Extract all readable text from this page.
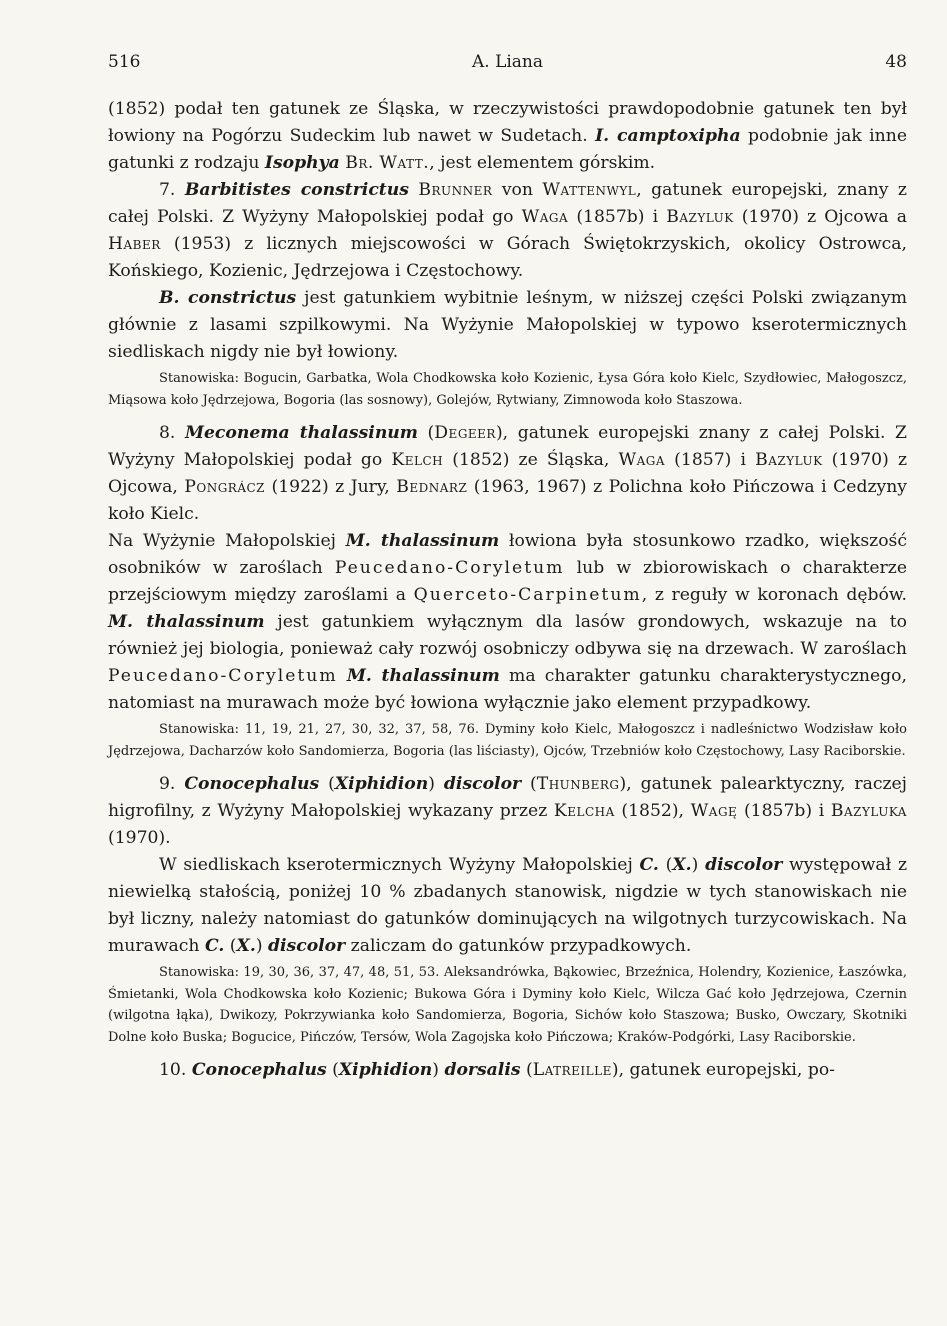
516	A. Liana	48

(1852) podał ten gatunek ze Śląska, w rzeczywistości prawdopodobnie gatunek ten był łowiony na Pogórzu Sudeckim lub nawet w Sudetach. I. camptoxipha podobnie jak inne gatunki z rodzaju Isophya Br. Watt., jest elementem górskim.

7. Barbitistes constrictus Brunner von Wattenwyl, gatunek europejski, znany z całej Polski. Z Wyżyny Małopolskiej podał go Waga (1857b) i Bazyluk (1970) z Ojcowa a Haber (1953) z licznych miejscowości w Górach Świętokrzyskich, okolicy Ostrowca, Końskiego, Kozienic, Jędrzejowa i Częstochowy.

B. constrictus jest gatunkiem wybitnie leśnym, w niższej części Polski związanym głównie z lasami szpilkowymi. Na Wyżynie Małopolskiej w typowo kserotermicznych siedliskach nigdy nie był łowiony.

Stanowiska: Bogucin, Garbatka, Wola Chodkowska koło Kozienic, Łysa Góra koło Kielc, Szydłowiec, Małogoszcz, Miąsowa koło Jędrzejowa, Bogoria (las sosnowy), Golejów, Rytwiany, Zimnowoda koło Staszowa.

8. Meconema thalassinum (Degeer), gatunek europejski znany z całej Polski. Z Wyżyny Małopolskiej podał go Kelch (1852) ze Śląska, Waga (1857) i Bazyluk (1970) z Ojcowa, Pongrácz (1922) z Jury, Bednarz (1963, 1967) z Polichna koło Pińczowa i Cedzyny koło Kielc.

Na Wyżynie Małopolskiej M. thalassinum łowiona była stosunkowo rzadko, większość osobników w zaroślach Peucedano-Coryletum lub w zbiorowiskach o charakterze przejściowym między zaroślami a Querceto-Carpinetum, z reguły w koronach dębów. M. thalassinum jest gatunkiem wyłącznym dla lasów grondowych, wskazuje na to również jej biologia, ponieważ cały rozwój osobniczy odbywa się na drzewach. W zaroślach Peucedano-Coryletum M. thalassinum ma charakter gatunku charakterystycznego, natomiast na murawach może być łowiona wyłącznie jako element przypadkowy.

Stanowiska: 11, 19, 21, 27, 30, 32, 37, 58, 76. Dyminy koło Kielc, Małogoszcz i nadleśnictwo Wodzisław koło Jędrzejowa, Dacharzów koło Sandomierza, Bogoria (las liściasty), Ojców, Trzebniów koło Częstochowy, Lasy Raciborskie.

9. Conocephalus (Xiphidion) discolor (Thunberg), gatunek palearktyczny, raczej higrofilny, z Wyżyny Małopolskiej wykazany przez Kelcha (1852), Wagę (1857b) i Bazyluka (1970).

W siedliskach kserotermicznych Wyżyny Małopolskiej C. (X.) discolor występował z niewielką stałością, poniżej 10 % zbadanych stanowisk, nigdzie w tych stanowiskach nie był liczny, należy natomiast do gatunków dominujących na wilgotnych turzycowiskach. Na murawach C. (X.) discolor zaliczam do gatunków przypadkowych.

Stanowiska: 19, 30, 36, 37, 47, 48, 51, 53. Aleksandrówka, Bąkowiec, Brzeźnica, Holendry, Kozienice, Łaszówka, Śmietanki, Wola Chodkowska koło Kozienic; Bukowa Góra i Dyminy koło Kielc, Wilcza Gać koło Jędrzejowa, Czernin (wilgotna łąka), Dwikozy, Pokrzywianka koło Sandomierza, Bogoria, Sichów koło Staszowa; Busko, Owczary, Skotniki Dolne koło Buska; Bogucice, Pińczów, Tersów, Wola Zagojska koło Pińczowa; Kraków-Podgórki, Lasy Raciborskie.

10. Conocephalus (Xiphidion) dorsalis (Latreille), gatunek europejski, po-
